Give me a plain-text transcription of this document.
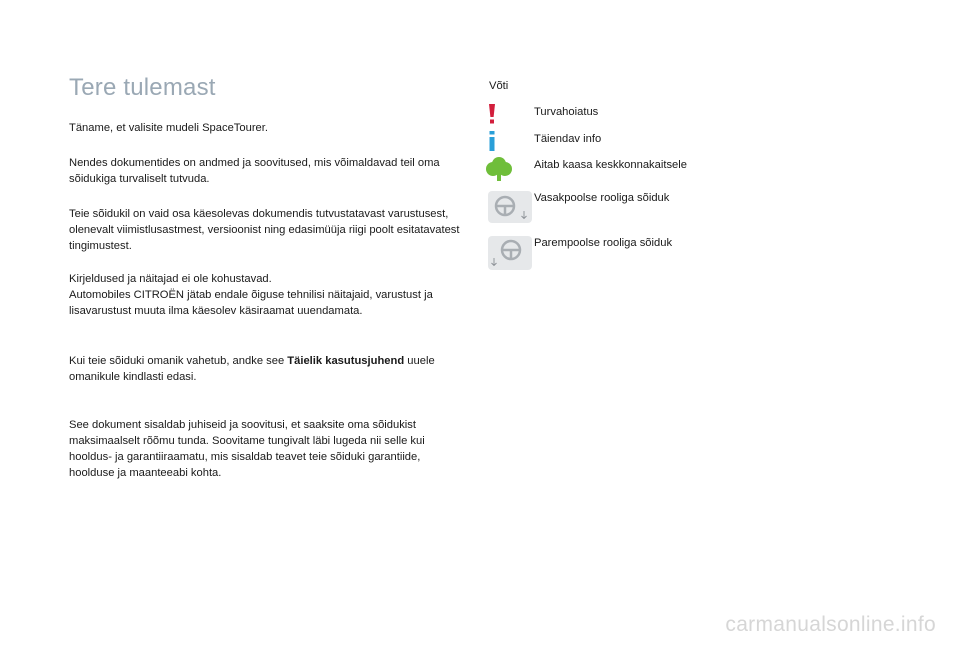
Tere tulemast

Täname, et valisite mudeli SpaceTourer.

Nendes dokumentides on andmed ja soovitused, mis võimaldavad teil oma sõidukiga turvaliselt tutvuda.

Teie sõidukil on vaid osa käesolevas dokumendis tutvustatavast varustusest, olenevalt viimistlusastmest, versioonist ning edasimüüja riigi poolt esitatavatest tingimustest.

Kirjeldused ja näitajad ei ole kohustavad.
Automobiles CITROËN jätab endale õiguse tehnilisi näitajaid, varustust ja lisavarustust muuta ilma käesolev käsiraamat uuendamata.

Kui teie sõiduki omanik vahetub, andke see Täielik kasutusjuhend uuele omanikule kindlasti edasi.

See dokument sisaldab juhiseid ja soovitusi, et saaksite oma sõidukist maksimaalselt rõõmu tunda. Soovitame tungivalt läbi lugeda nii selle kui hooldus- ja garantiiraamatu, mis sisaldab teavet teie sõiduki garantiide, hoolduse ja maanteeabi kohta.

Võti
Turvahoiatus
Täiendav info
Aitab kaasa keskkonnakaitsele
Vasakpoolse rooliga sõiduk
Parempoolse rooliga sõiduk
carmanualsonline.info
